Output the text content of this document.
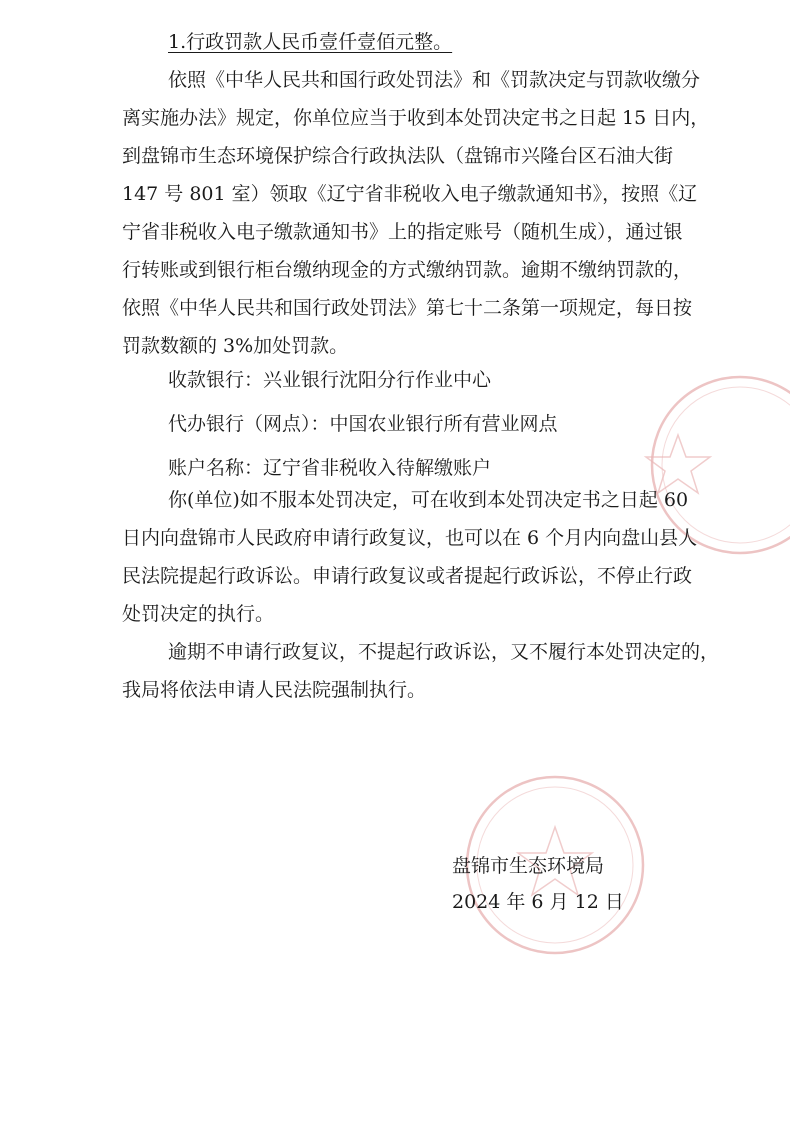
1.行政罚款人民币壹仟壹佰元整。
依照《中华人民共和国行政处罚法》和《罚款决定与罚款收缴分
离实施办法》规定，你单位应当于收到本处罚决定书之日起 15 日内，
到盘锦市生态环境保护综合行政执法队（盘锦市兴隆台区石油大街
147 号 801 室）领取《辽宁省非税收入电子缴款通知书》，按照《辽
宁省非税收入电子缴款通知书》上的指定账号（随机生成），通过银
行转账或到银行柜台缴纳现金的方式缴纳罚款。逾期不缴纳罚款的，
依照《中华人民共和国行政处罚法》第七十二条第一项规定，每日按
罚款数额的 3%加处罚款。
收款银行：兴业银行沈阳分行作业中心
代办银行（网点）：中国农业银行所有营业网点
账户名称：辽宁省非税收入待解缴账户
你(单位)如不服本处罚决定，可在收到本处罚决定书之日起 60
日内向盘锦市人民政府申请行政复议，也可以在 6 个月内向盘山县人
民法院提起行政诉讼。申请行政复议或者提起行政诉讼，不停止行政
处罚决定的执行。
逾期不申请行政复议，不提起行政诉讼，又不履行本处罚决定的，
我局将依法申请人民法院强制执行。
盘锦市生态环境局
2024 年 6 月 12 日
